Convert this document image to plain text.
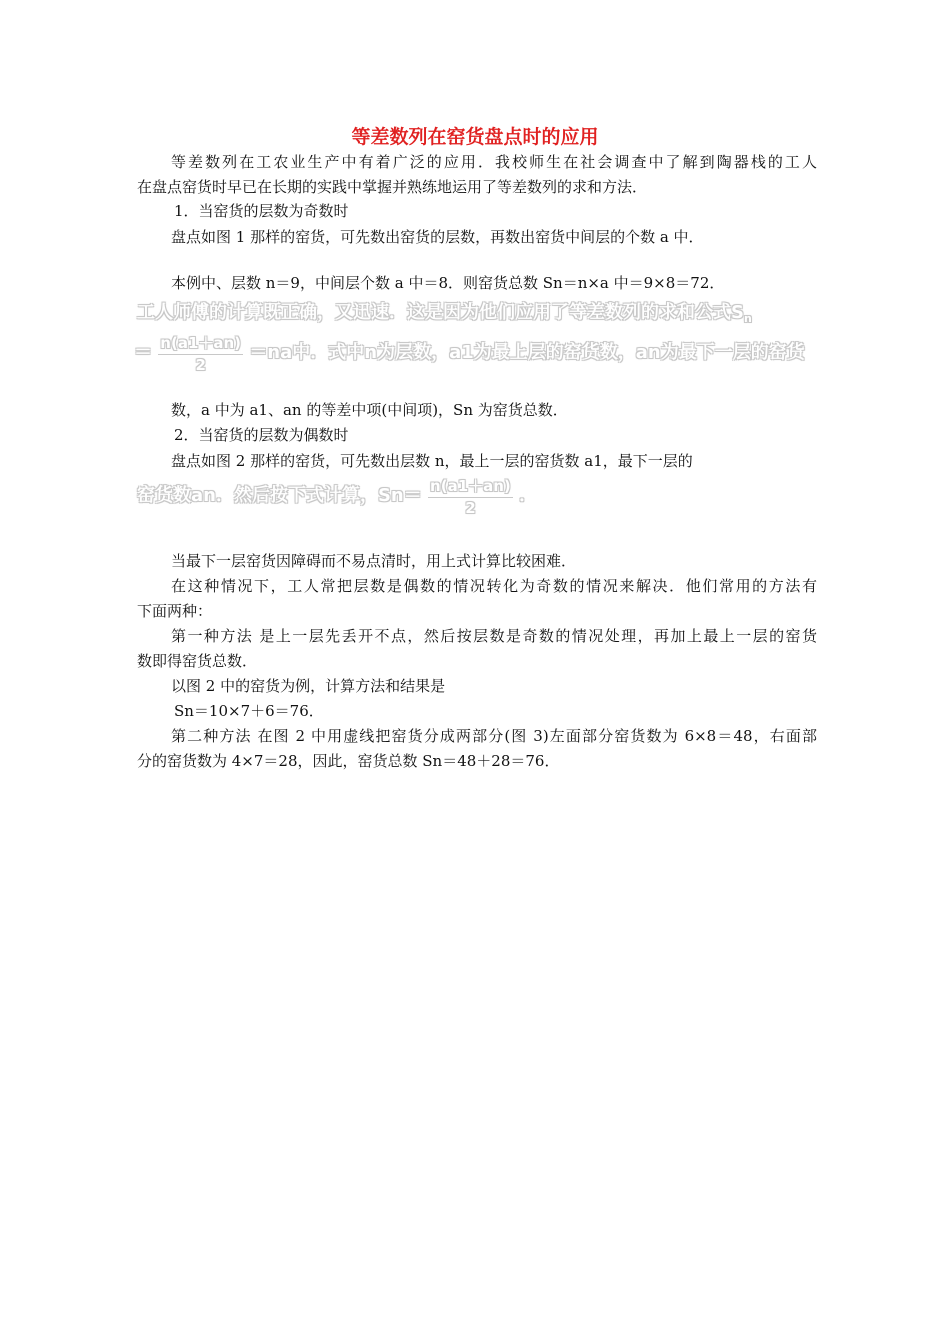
等差数列在窑货盘点时的应用
等差数列在工农业生产中有着广泛的应用．我校师生在社会调查中了解到陶器栈的工人
在盘点窑货时早已在长期的实践中掌握并熟练地运用了等差数列的求和方法．
1．当窑货的层数为奇数时
盘点如图 1 那样的窑货，可先数出窑货的层数，再数出窑货中间层的个数 a 中．
本例中、层数 n＝9，中间层个数 a 中＝8．则窑货总数 Sn＝n×a 中＝9×8＝72．
工人师傅的计算既正确，又迅速．这是因为他们应用了等差数列的求和公式$S_n$
＝ $\frac{n(a1+an)}{2} =na$中．式中n为层数，a1为最上层的窑货数，an为最下一层的窑货
数，a 中为 a1、an 的等差中项(中间项)，Sn 为窑货总数．
2．当窑货的层数为偶数时
盘点如图 2 那样的窑货，可先数出层数 n，最上一层的窑货数 a1，最下一层的
窑货数an．然后按下式计算，$Sn= \frac{n(a1+an)}{2}$ ．
当最下一层窑货因障碍而不易点清时，用上式计算比较困难．
在这种情况下，工人常把层数是偶数的情况转化为奇数的情况来解决．他们常用的方法有
下面两种：
第一种方法 是上一层先丢开不点，然后按层数是奇数的情况处理，再加上最上一层的窑货
数即得窑货总数．
以图 2 中的窑货为例，计算方法和结果是
Sn＝10×7＋6＝76．
第二种方法 在图 2 中用虚线把窑货分成两部分(图 3)左面部分窑货数为 6×8＝48，右面部
分的窑货数为 4×7＝28，因此，窑货总数 Sn＝48＋28＝76．
